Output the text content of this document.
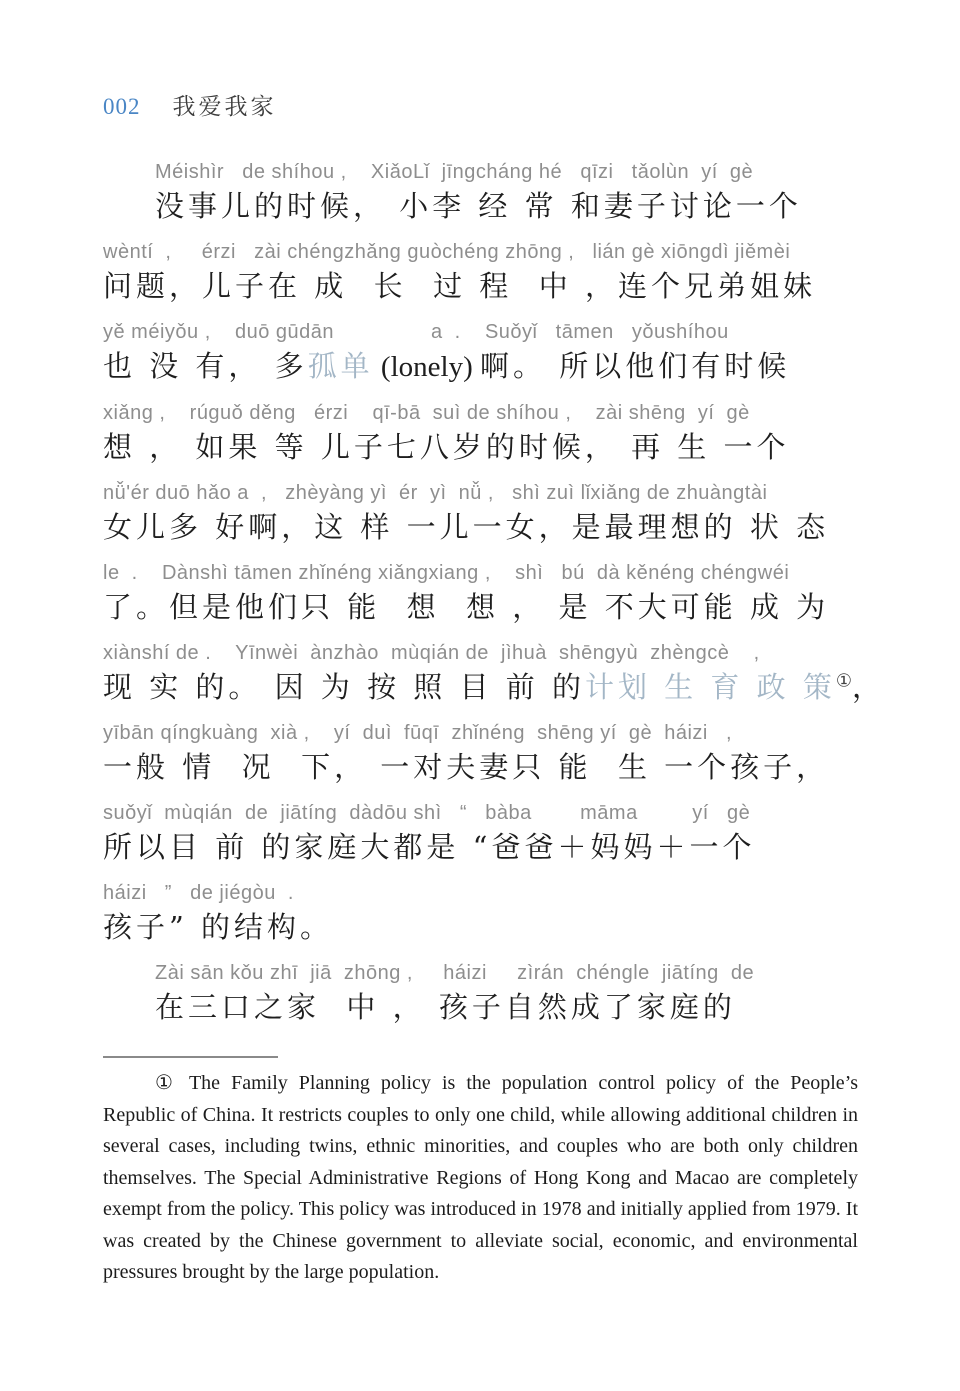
002 我爱我家
Méishìr   de shíhou ,    XiǎoLǐ  jīngcháng hé   qīzi   tǎolùn  yí  gè
没事儿的时候， 小李 经 常 和妻子讨论一个
wèntí  ,     érzi   zài chéngzhǎng guòchéng zhōng ,   lián gè xiōngdì jiěmèi
问题，儿子在 成  长  过 程  中 ，连个兄弟姐妹
yě méiyǒu ,    duō gūdān                a  .    Suǒyǐ   tāmen   yǒushíhou
也 没 有， 多孤单 (lonely) 啊。 所以他们有时候
xiǎng ,    rúguǒ děng   érzi    qī-bā  suì de shíhou ,    zài shēng  yí  gè
想 ， 如果 等 儿子七八岁的时候， 再 生 一个
nǚ'ér duō hǎo a  ,   zhèyàng yì  ér  yì  nǚ ,   shì zuì lǐxiǎng de zhuàngtài
女儿多 好啊，这 样 一儿一女，是最理想的 状 态
le  .    Dànshì tāmen zhǐnéng xiǎngxiang ,    shì   bú  dà kěnéng chéngwéi
了。但是他们只 能  想  想 ， 是 不大可能 成 为
xiànshí de .    Yīnwèi  ànzhào  mùqián de  jìhuà  shēngyù  zhèngcè    ,
现 实 的。 因 为 按 照 目 前 的计划 生 育 政 策①，
yībān qíngkuàng  xià ,    yí  duì  fūqī  zhǐnéng  shēng yí  gè  háizi   ,
一般 情  况  下， 一对夫妻只 能  生 一个孩子，
suǒyǐ  mùqián  de  jiātíng  dàdōu shì   “   bàba        māma         yí   gè
所以目 前 的家庭大都是 “爸爸＋妈妈＋一个
háizi   ”   de jiégòu  .
孩子” 的结构。
Zài sān kǒu zhī  jiā  zhōng ,     háizi     zìrán  chéngle  jiātíng  de
在三口之家  中 ， 孩子自然成了家庭的

① The Family Planning policy is the population control policy of the People’s Republic of China. It restricts couples to only one child, while allowing additional children in several cases, including twins, ethnic minorities, and couples who are both only children themselves. The Special Administrative Regions of Hong Kong and Macao are completely exempt from the policy. This policy was introduced in 1978 and initially applied from 1979. It was created by the Chinese government to alleviate social, economic, and environmental pressures brought by the large population.
